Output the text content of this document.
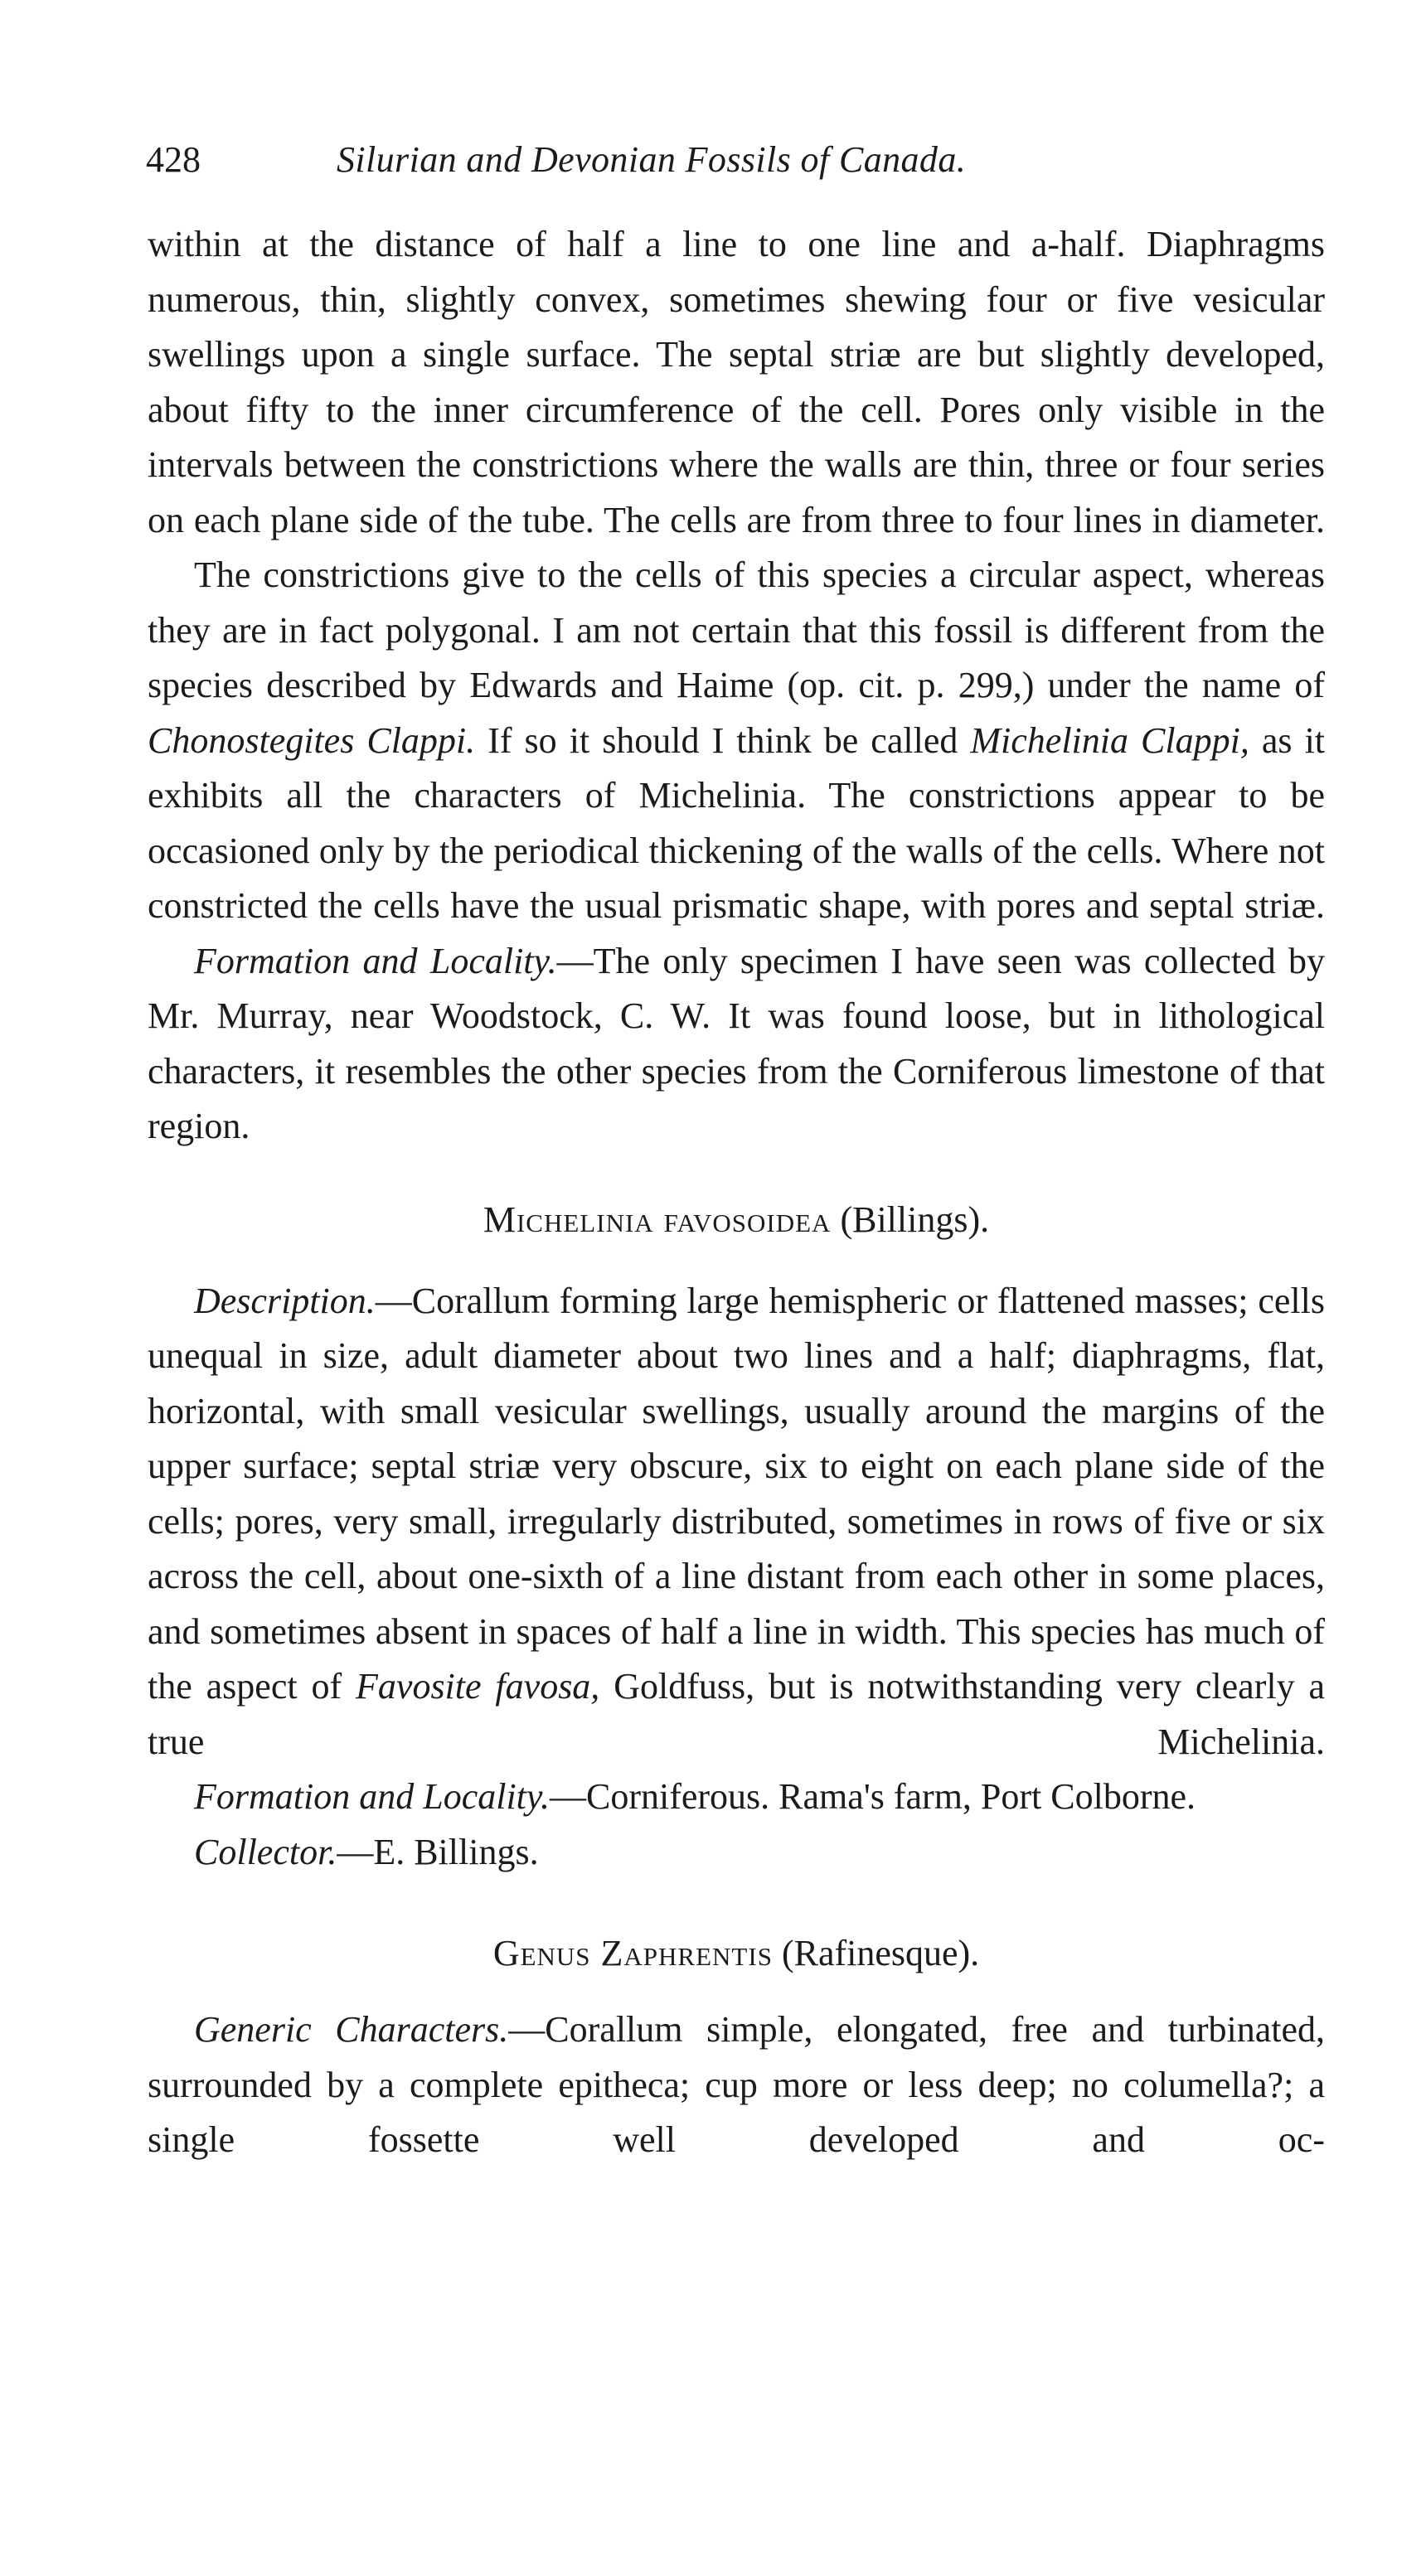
428	Silurian and Devonian Fossils of Canada.

within at the distance of half a line to one line and a-half. Diaphragms numerous, thin, slightly convex, sometimes shewing four or five vesicular swellings upon a single surface. The septal striæ are but slightly developed, about fifty to the inner circumference of the cell. Pores only visible in the intervals between the constrictions where the walls are thin, three or four series on each plane side of the tube. The cells are from three to four lines in diameter.

The constrictions give to the cells of this species a circular aspect, whereas they are in fact polygonal. I am not certain that this fossil is different from the species described by Edwards and Haime (op. cit. p. 299,) under the name of Chonostegites Clappi. If so it should I think be called Michelinia Clappi, as it exhibits all the characters of Michelinia. The constrictions appear to be occasioned only by the periodical thickening of the walls of the cells. Where not constricted the cells have the usual prismatic shape, with pores and septal striæ.

Formation and Locality.—The only specimen I have seen was collected by Mr. Murray, near Woodstock, C. W. It was found loose, but in lithological characters, it resembles the other species from the Corniferous limestone of that region.

Michelinia favosoidea (Billings).

Description.—Corallum forming large hemispheric or flattened masses; cells unequal in size, adult diameter about two lines and a half; diaphragms, flat, horizontal, with small vesicular swellings, usually around the margins of the upper surface; septal striæ very obscure, six to eight on each plane side of the cells; pores, very small, irregularly distributed, sometimes in rows of five or six across the cell, about one-sixth of a line distant from each other in some places, and sometimes absent in spaces of half a line in width. This species has much of the aspect of Favosite favosa, Goldfuss, but is notwithstanding very clearly a true Michelinia.

Formation and Locality.—Corniferous. Rama's farm, Port Colborne.

Collector.—E. Billings.

Genus Zaphrentis (Rafinesque).

Generic Characters.—Corallum simple, elongated, free and turbinated, surrounded by a complete epitheca; cup more or less deep; no columella?; a single fossette well developed and oc-
